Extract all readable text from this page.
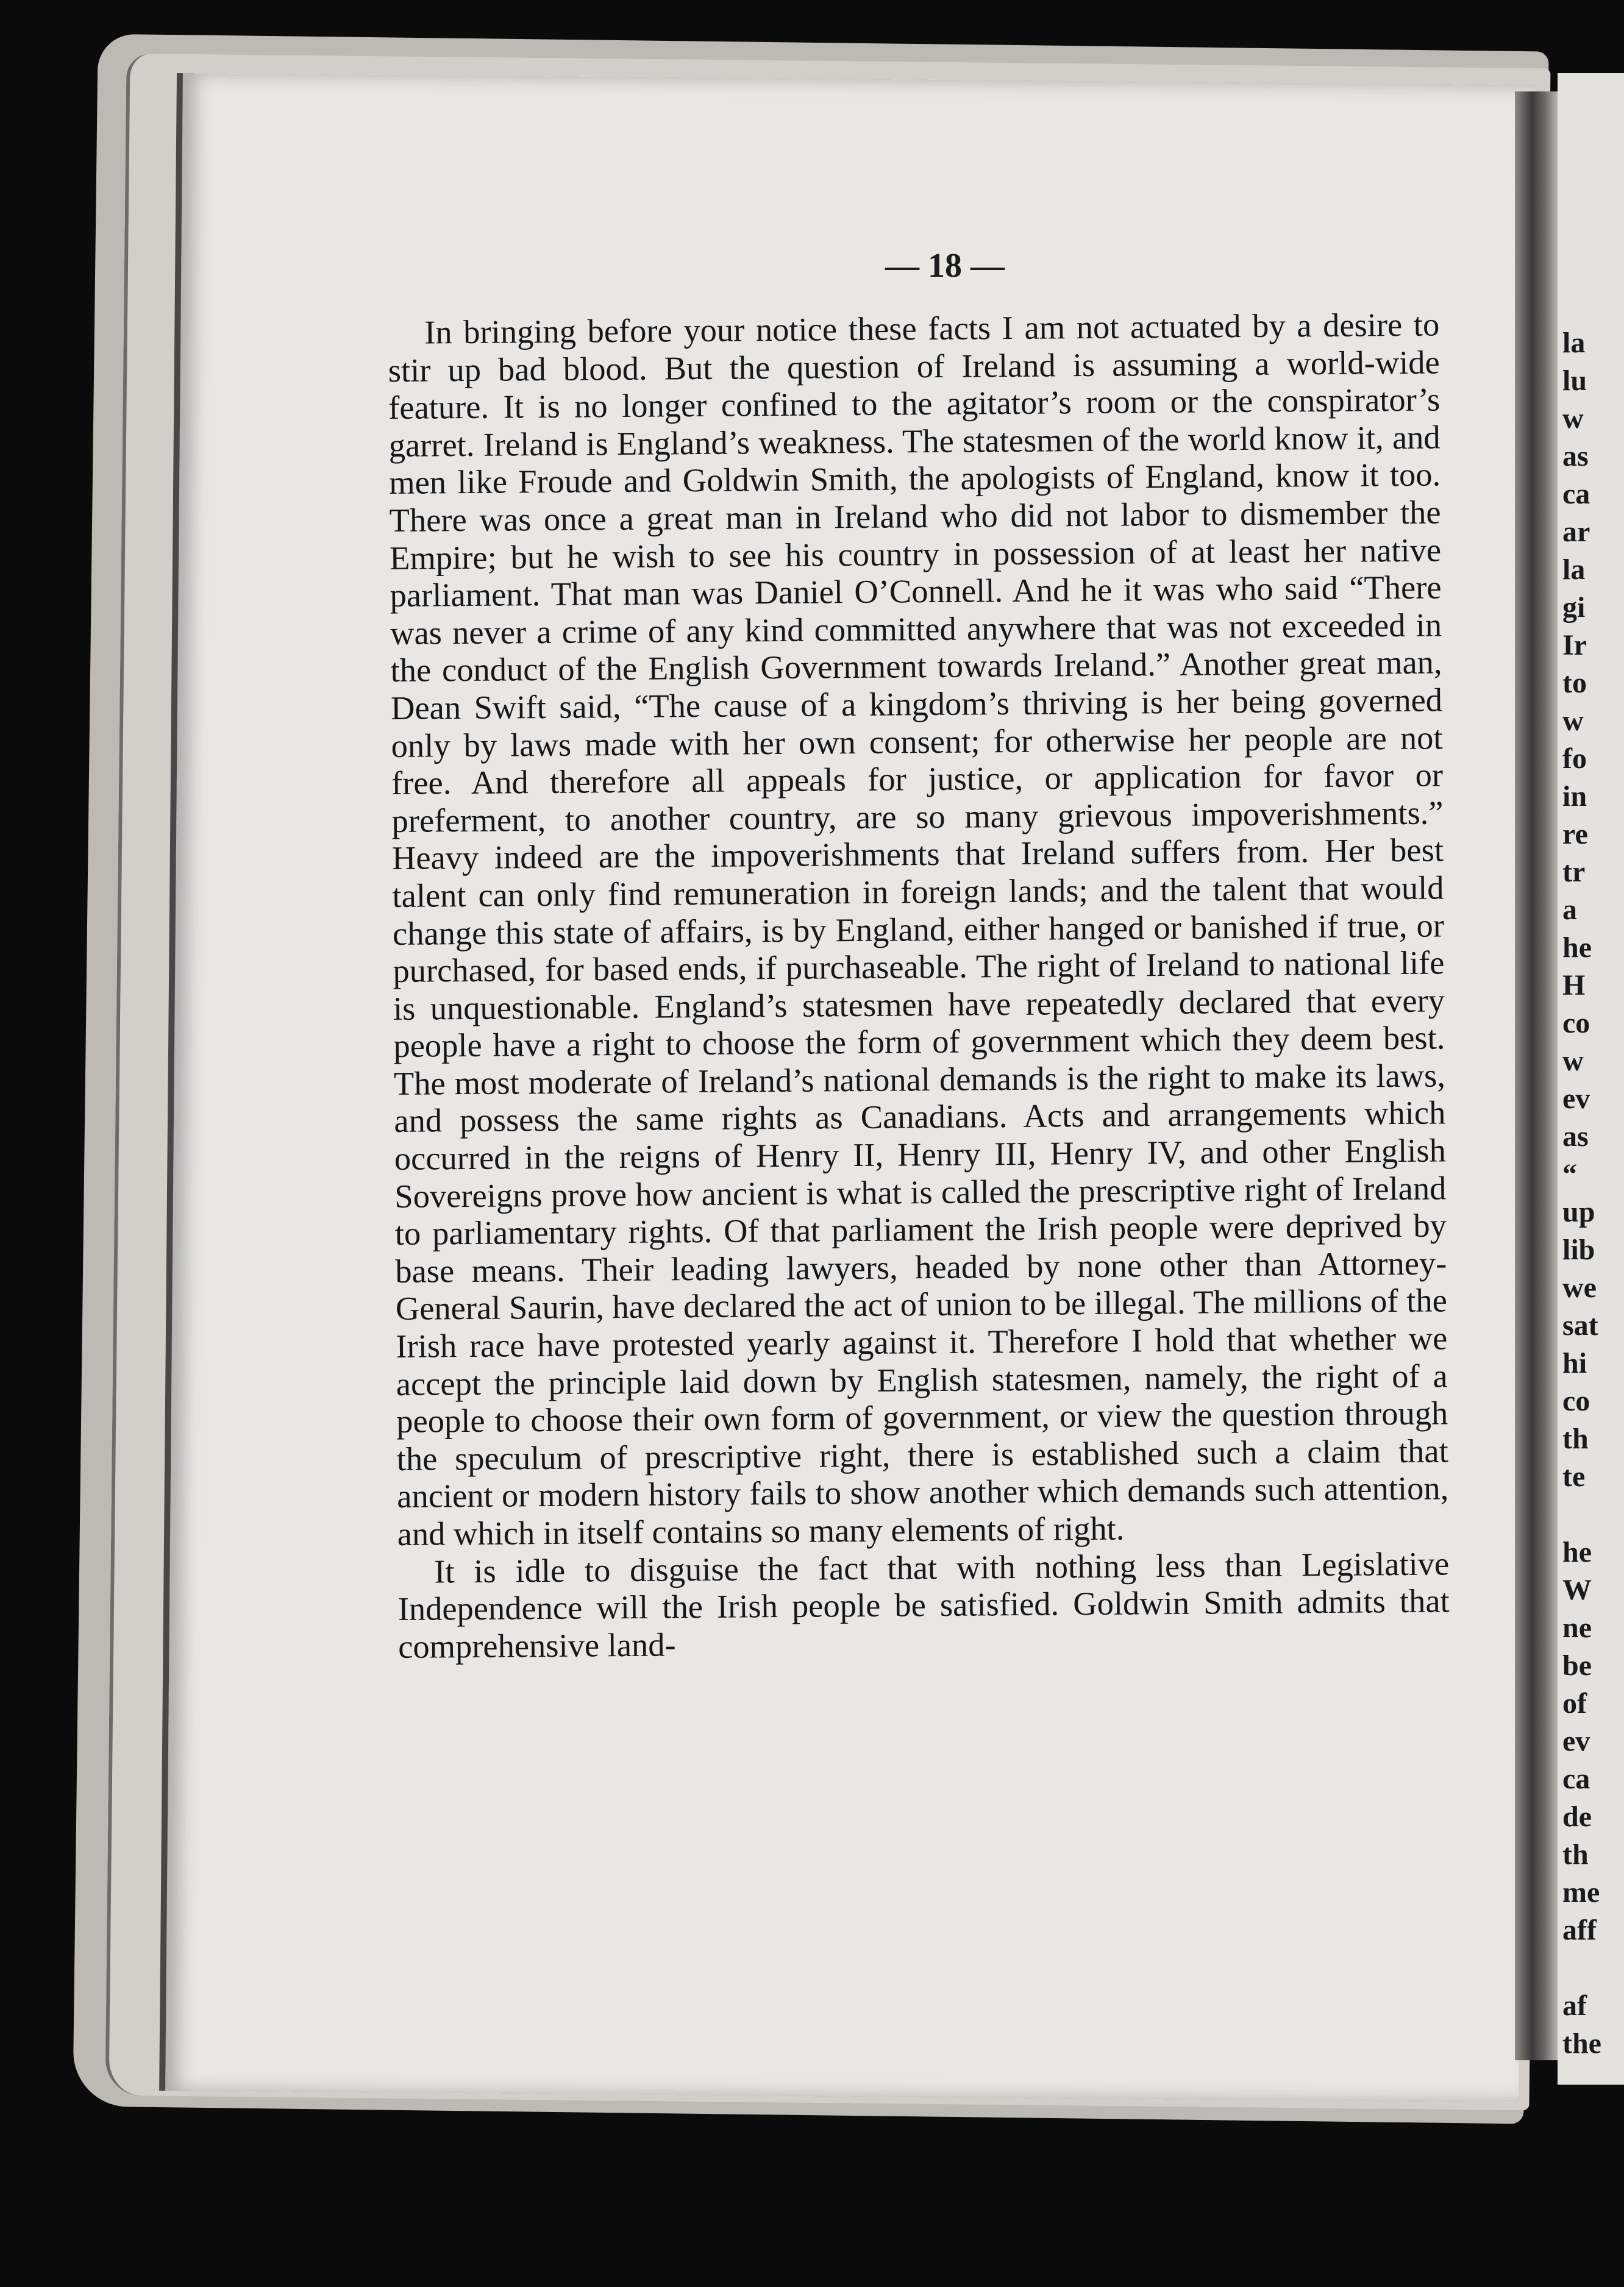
la

lu

w

as

ca

ar

la

gi

Ir

to

w

fo

in

re

tr

a

he

H

co

w

ev

as

“

up

lib

we

sat

hi

co

th

te

he

W

ne

be

of

ev

ca

de

th

me

aff

af

the

— 18 —

In bringing before your notice these facts I am not actuated by a desire to stir up bad blood. But the question of Ireland is assuming a world-wide feature. It is no longer confined to the agitator’s room or the conspirator’s garret. Ireland is England’s weakness. The statesmen of the world know it, and men like Froude and Goldwin Smith, the apologists of England, know it too. There was once a great man in Ireland who did not labor to dismember the Empire; but he wish to see his country in possession of at least her native parliament. That man was Daniel O’Connell. And he it was who said “There was never a crime of any kind committed anywhere that was not exceeded in the conduct of the English Government towards Ireland.” Another great man, Dean Swift said, “The cause of a kingdom’s thriving is her being governed only by laws made with her own consent; for otherwise her people are not free. And therefore all appeals for justice, or application for favor or preferment, to another country, are so many grievous impoverishments.” Heavy indeed are the impoverishments that Ireland suffers from. Her best talent can only find remuneration in foreign lands; and the talent that would change this state of affairs, is by England, either hanged or banished if true, or purchased, for based ends, if purchaseable. The right of Ireland to national life is unquestionable. England’s statesmen have repeatedly declared that every people have a right to choose the form of government which they deem best. The most moderate of Ireland’s national demands is the right to make its laws, and possess the same rights as Canadians. Acts and arrangements which occurred in the reigns of Henry II, Henry III, Henry IV, and other English Sovereigns prove how ancient is what is called the prescriptive right of Ireland to parliamentary rights. Of that parliament the Irish people were deprived by base means. Their leading lawyers, headed by none other than Attorney-General Saurin, have declared the act of union to be illegal. The millions of the Irish race have protested yearly against it. Therefore I hold that whether we accept the principle laid down by English statesmen, namely, the right of a people to choose their own form of government, or view the question through the speculum of prescriptive right, there is established such a claim that ancient or modern history fails to show another which demands such attention, and which in itself contains so many elements of right.

It is idle to disguise the fact that with nothing less than Legislative Independence will the Irish people be satisfied. Goldwin Smith admits that comprehensive land-
